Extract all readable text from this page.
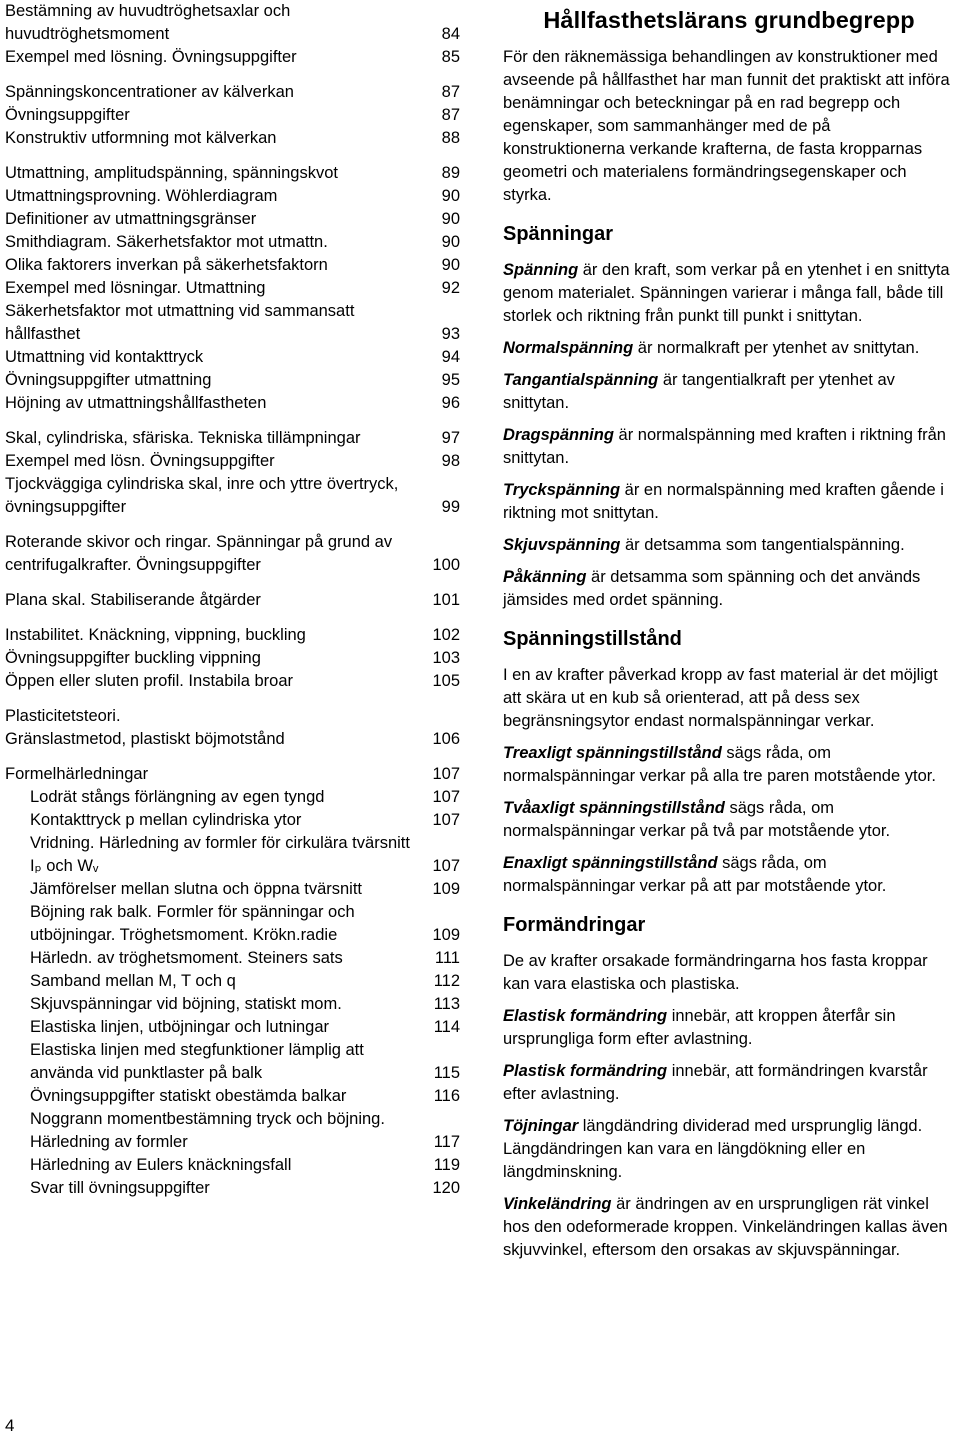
Bestämning av huvudtröghetsaxlar och huvudtröghetsmoment	84
Exempel med lösning. Övningsuppgifter	85
Spänningskoncentrationer av kälverkan	87
Övningsuppgifter	87
Konstruktiv utformning mot kälverkan	88
Utmattning, amplitudspänning, spänningskvot	89
Utmattningsprovning. Wöhlerdiagram	90
Definitioner av utmattningsgränser	90
Smithdiagram. Säkerhetsfaktor mot utmattn.	90
Olika faktorers inverkan på säkerhetsfaktorn	90
Exempel med lösningar. Utmattning	92
Säkerhetsfaktor mot utmattning vid sammansatt hållfasthet	93
Utmattning vid kontakttryck	94
Övningsuppgifter utmattning	95
Höjning av utmattningshållfastheten	96
Skal, cylindriska, sfäriska. Tekniska tillämpningar	97
Exempel med lösn. Övningsuppgifter	98
Tjockväggiga cylindriska skal, inre och yttre övertryck, övningsuppgifter	99
Roterande skivor och ringar. Spänningar på grund av centrifugalkrafter. Övningsuppgifter	100
Plana skal. Stabiliserande åtgärder	101
Instabilitet. Knäckning, vippning, buckling	102
Övningsuppgifter buckling vippning	103
Öppen eller sluten profil. Instabila broar	105
Plasticitetsteori.
Gränslastmetod, plastiskt böjmotstånd	106
Formelhärledningar	107
Lodrät stångs förlängning av egen tyngd	107
Kontakttryck p mellan cylindriska ytor	107
Vridning. Härledning av formler för cirkulära tvärsnitt Iₚ och Wᵥ	107
Jämförelser mellan slutna och öppna tvärsnitt	109
Böjning rak balk. Formler för spänningar och utböjningar. Tröghetsmoment. Krökn.radie	109
Härledn. av tröghetsmoment. Steiners sats	111
Samband mellan M, T och q	112
Skjuvspänningar vid böjning, statiskt mom.	113
Elastiska linjen, utböjningar och lutningar	114
Elastiska linjen med stegfunktioner lämplig att använda vid punktlaster på balk	115
Övningsuppgifter statiskt obestämda balkar	116
Noggrann momentbestämning tryck och böjning. Härledning av formler	117
Härledning av Eulers knäckningsfall	119
Svar till övningsuppgifter	120
Hållfasthetslärans grundbegrepp

För den räknemässiga behandlingen av konstruktioner med avseende på hållfasthet har man funnit det praktiskt att införa benämningar och beteckningar på en rad begrepp och egenskaper, som sammanhänger med de på konstruktionerna verkande krafterna, de fasta kropparnas geometri och materialens formändringsegenskaper och styrka.

Spänningar

Spänning är den kraft, som verkar på en ytenhet i en snittyta genom materialet. Spänningen varierar i många fall, både till storlek och riktning från punkt till punkt i snittytan.

Normalspänning är normalkraft per ytenhet av snittytan.

Tangantialspänning är tangentialkraft per ytenhet av snittytan.

Dragspänning är normalspänning med kraften i riktning från snittytan.

Tryckspänning är en normalspänning med kraften gående i riktning mot snittytan.

Skjuvspänning är detsamma som tangentialspänning.

Påkänning är detsamma som spänning och det används jämsides med ordet spänning.

Spänningstillstånd

I en av krafter påverkad kropp av fast material är det möjligt att skära ut en kub så orienterad, att på dess sex begränsningsytor endast normalspänningar verkar.

Treaxligt spänningstillstånd sägs råda, om normalspänningar verkar på alla tre paren motstående ytor.

Tvåaxligt spänningstillstånd sägs råda, om normalspänningar verkar på två par motstående ytor.

Enaxligt spänningstillstånd sägs råda, om normalspänningar verkar på att par motstående ytor.

Formändringar

De av krafter orsakade formändringarna hos fasta kroppar kan vara elastiska och plastiska.

Elastisk formändring innebär, att kroppen återfår sin ursprungliga form efter avlastning.

Plastisk formändring innebär, att formändringen kvarstår efter avlastning.

Töjningar längdändring dividerad med ursprunglig längd. Längdändringen kan vara en längdökning eller en längdminskning.

Vinkeländring är ändringen av en ursprungligen rät vinkel hos den odeformerade kroppen. Vinkeländringen kallas även skjuvvinkel, eftersom den orsakas av skjuvspänningar.

4
